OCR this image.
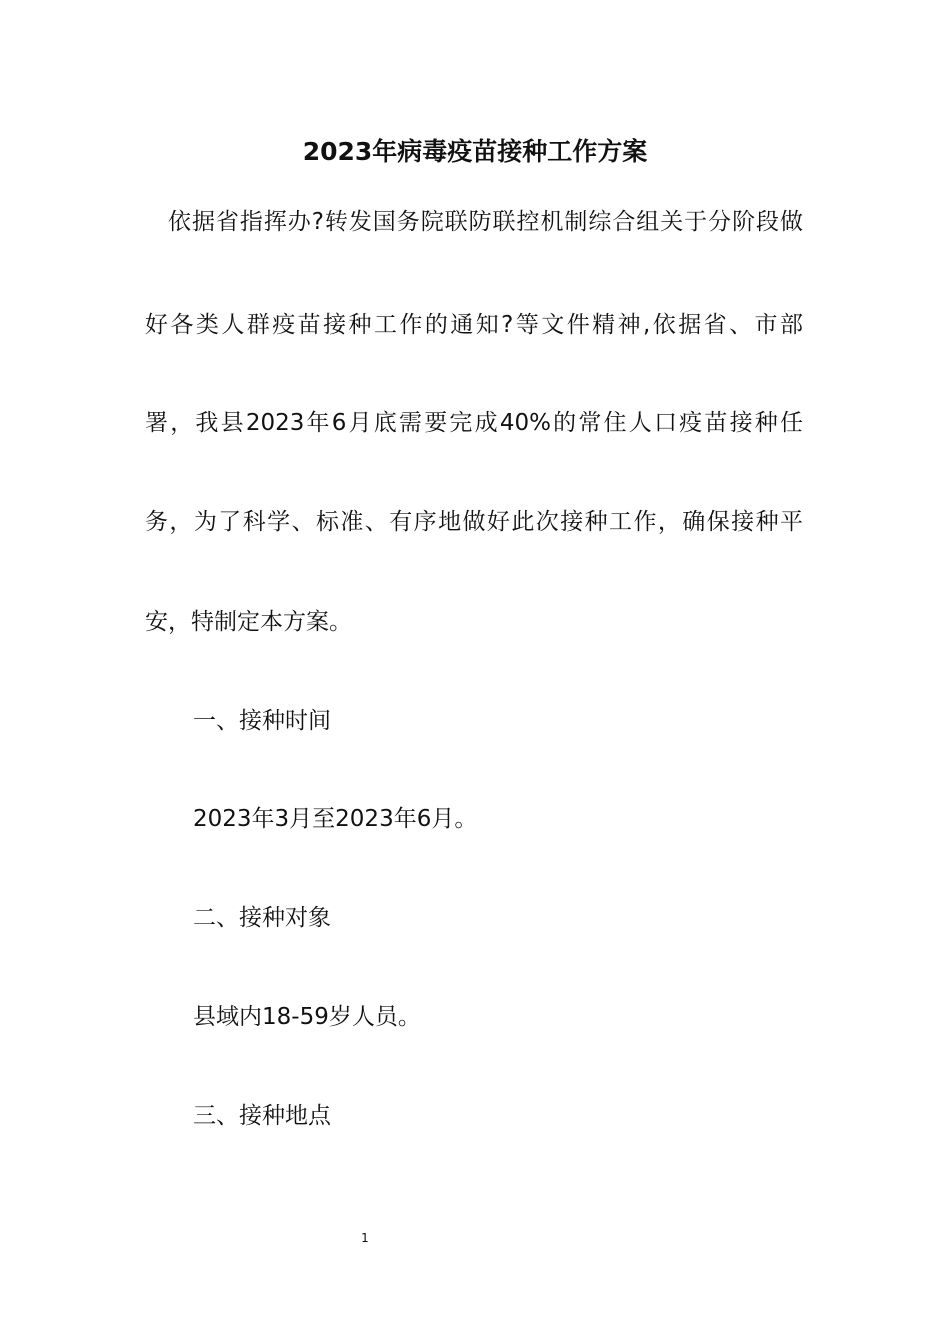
2023年病毒疫苗接种工作方案
依据省指挥办?转发国务院联防联控机制综合组关于分阶段做
好各类人群疫苗接种工作的通知?等文件精神,依据省、市部
署，我县2023年6月底需要完成40%的常住人口疫苗接种任
务，为了科学、标准、有序地做好此次接种工作，确保接种平
安，特制定本方案。
一、接种时间
2023年3月至2023年6月。
二、接种对象
县域内18-59岁人员。
三、接种地点
1
